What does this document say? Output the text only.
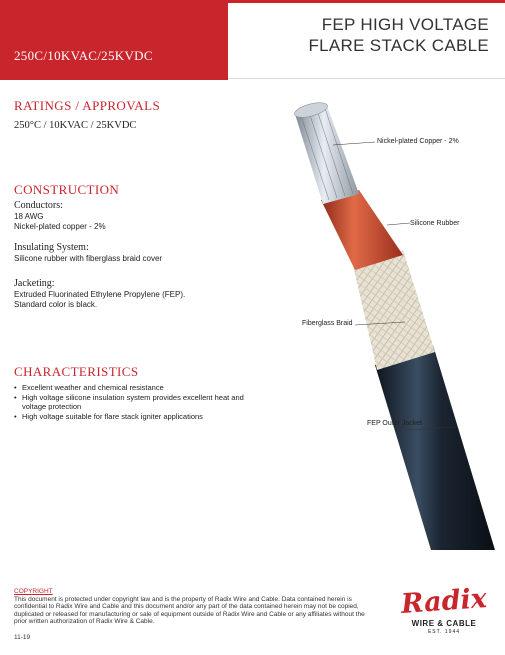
250C/10KVAC/25KVDC
FEP HIGH VOLTAGE
FLARE STACK CABLE
RATINGS / APPROVALS
250°C / 10KVAC / 25KVDC
CONSTRUCTION
Conductors:
18 AWG
Nickel-plated copper - 2%
Insulating System:
Silicone rubber with fiberglass braid cover
Jacketing:
Extruded Fluorinated Ethylene Propylene (FEP).
Standard color is black.
CHARACTERISTICS
• Excellent weather and chemical resistance
• High voltage silicone insulation system provides excellent heat and voltage protection
• High voltage suitable for flare stack igniter applications
Nickel-plated Copper - 2%
Silicone Rubber
Fiberglass Braid
FEP Outer Jacket
COPYRIGHT
This document is protected under copyright law and is the property of Radix Wire and Cable. Data contained herein is confidential to Radix Wire and Cable and this document and/or any part of the data contained herein may not be copied, duplicated or released for manufacturing or sale of equipment outside of Radix Wire and Cable or any affiliates without the prior written authorization of Radix Wire & Cable.
11-19
Radix
WIRE & CABLE
EST. 1944
